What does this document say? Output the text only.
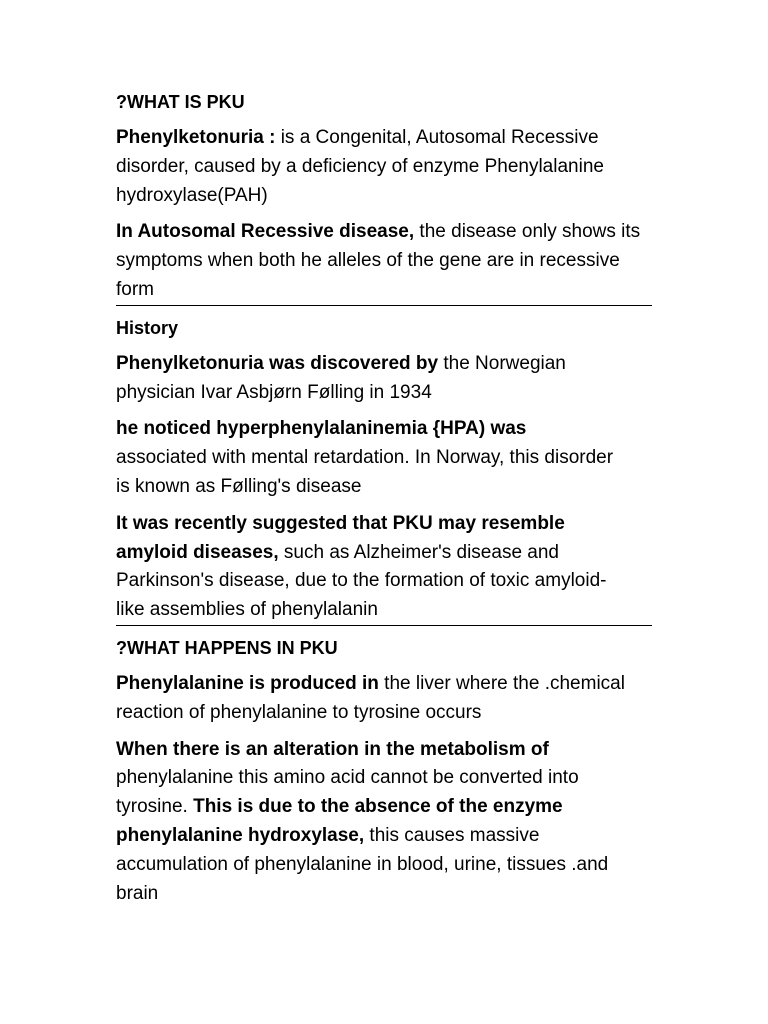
?WHAT IS PKU

Phenylketonuria : is a Congenital, Autosomal Recessive disorder, caused by a deficiency of enzyme Phenylalanine hydroxylase(PAH)

In Autosomal Recessive disease, the disease only shows its symptoms when both he alleles of the gene are in recessive form

History

Phenylketonuria was discovered by the Norwegian physician Ivar Asbjørn Følling in 1934

he noticed hyperphenylalaninemia {HPA) was associated with mental retardation. In Norway, this disorder is known as Følling's disease

It was recently suggested that PKU may resemble amyloid diseases, such as Alzheimer's disease and Parkinson's disease, due to the formation of toxic amyloid-like assemblies of phenylalanin

?WHAT HAPPENS IN PKU

Phenylalanine is produced in the liver where the .chemical reaction of phenylalanine to tyrosine occurs

When there is an alteration in the metabolism of phenylalanine this amino acid cannot be converted into tyrosine. This is due to the absence of the enzyme phenylalanine hydroxylase, this causes massive accumulation of phenylalanine in blood, urine, tissues .and brain
